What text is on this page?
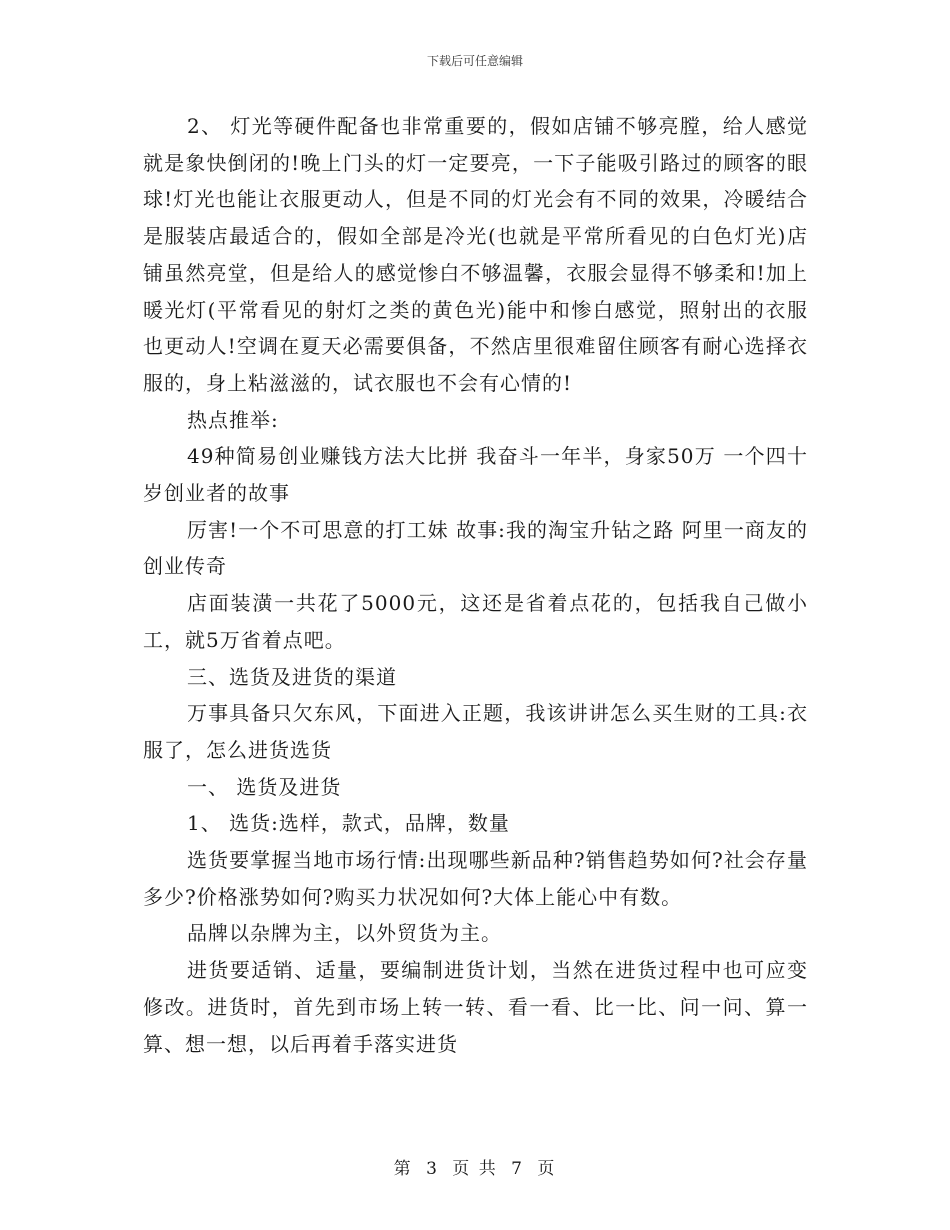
下载后可任意编辑

2、 灯光等硬件配备也非常重要的，假如店铺不够亮膛，给人感觉就是象快倒闭的!晚上门头的灯一定要亮，一下子能吸引路过的顾客的眼球!灯光也能让衣服更动人，但是不同的灯光会有不同的效果，冷暖结合是服装店最适合的，假如全部是冷光(也就是平常所看见的白色灯光)店铺虽然亮堂，但是给人的感觉惨白不够温馨，衣服会显得不够柔和!加上暖光灯(平常看见的射灯之类的黄色光)能中和惨白感觉，照射出的衣服也更动人!空调在夏天必需要俱备，不然店里很难留住顾客有耐心选择衣服的，身上粘滋滋的，试衣服也不会有心情的!

热点推举:

49种简易创业赚钱方法大比拼 我奋斗一年半，身家50万 一个四十岁创业者的故事

厉害!一个不可思意的打工妹 故事:我的淘宝升钻之路 阿里一商友的创业传奇

店面装潢一共花了5000元，这还是省着点花的，包括我自己做小工，就5万省着点吧。

三、选货及进货的渠道

万事具备只欠东风，下面进入正题，我该讲讲怎么买生财的工具:衣服了，怎么进货选货

一、 选货及进货

1、 选货:选样，款式，品牌，数量

选货要掌握当地市场行情:出现哪些新品种?销售趋势如何?社会存量多少?价格涨势如何?购买力状况如何?大体上能心中有数。

品牌以杂牌为主，以外贸货为主。

进货要适销、适量，要编制进货计划，当然在进货过程中也可应变修改。进货时，首先到市场上转一转、看一看、比一比、问一问、算一算、想一想，以后再着手落实进货

第 3 页 共 7 页
